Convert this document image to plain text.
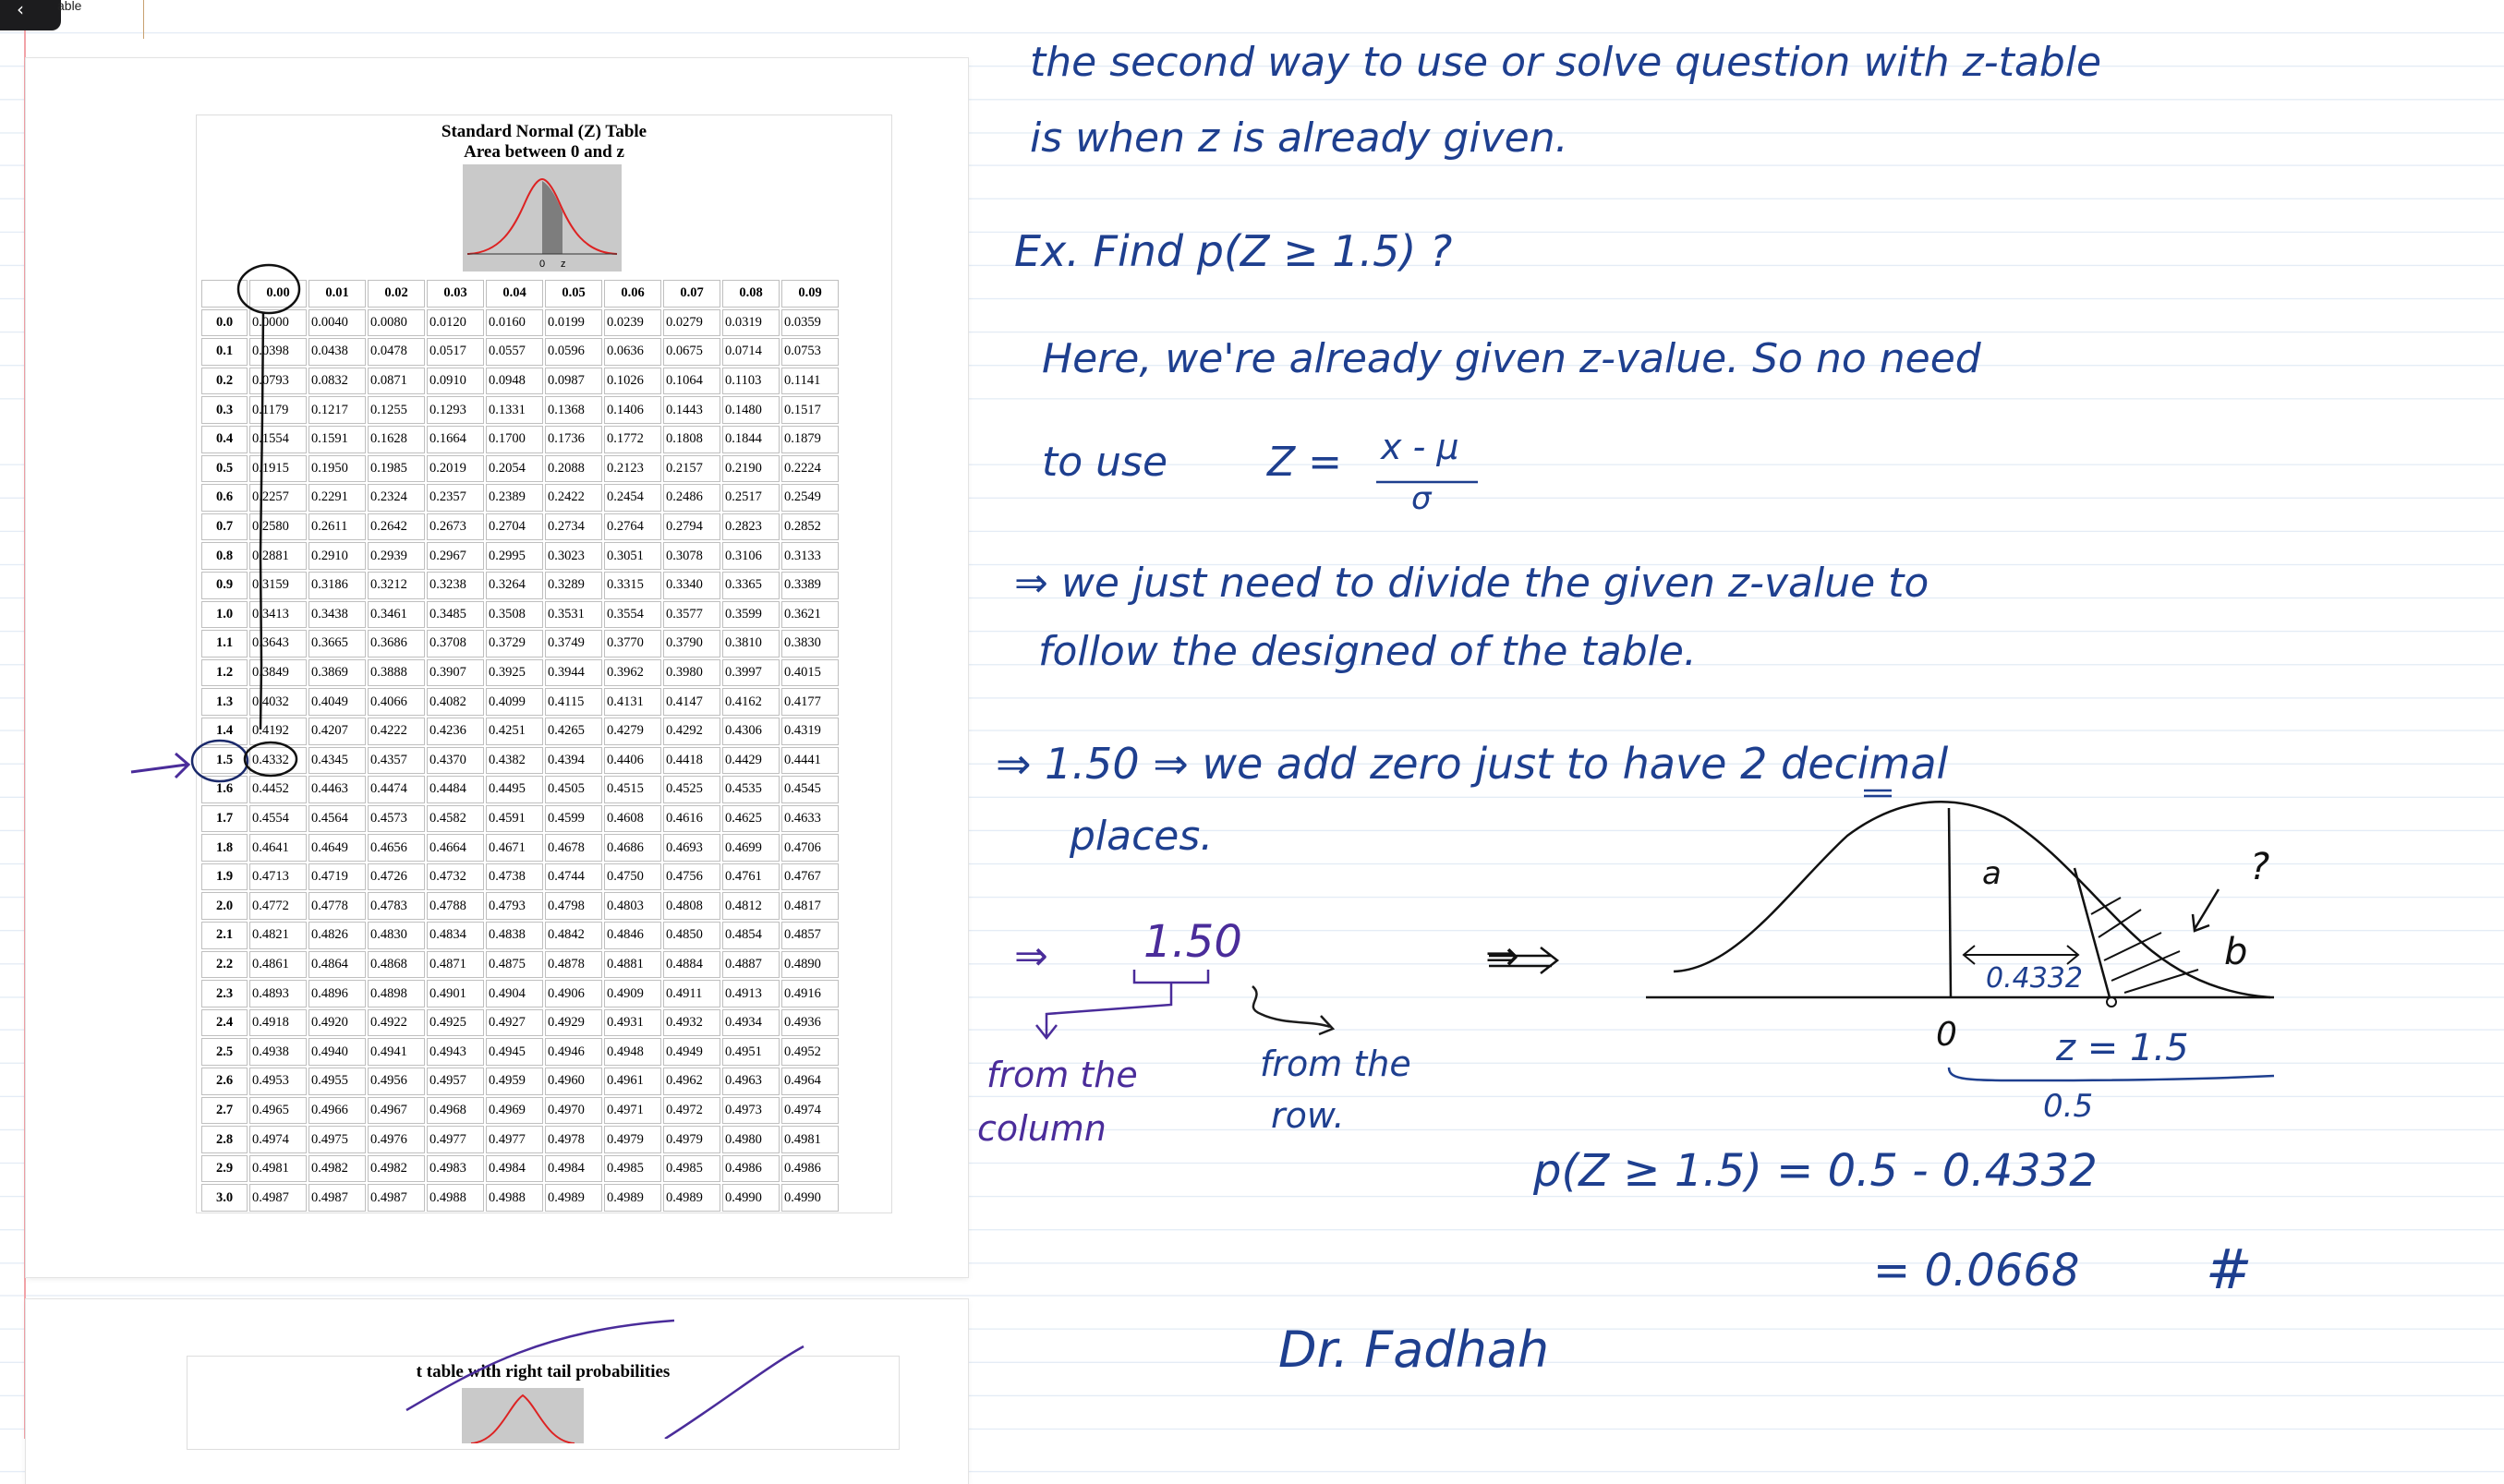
‹	able
Standard Normal (Z) Table
Area between 0 and z
0 z
	0.00	0.01	0.02	0.03	0.04	0.05	0.06	0.07	0.08	0.09
0.0	0.0000	0.0040	0.0080	0.0120	0.0160	0.0199	0.0239	0.0279	0.0319	0.0359
0.1	0.0398	0.0438	0.0478	0.0517	0.0557	0.0596	0.0636	0.0675	0.0714	0.0753
0.2	0.0793	0.0832	0.0871	0.0910	0.0948	0.0987	0.1026	0.1064	0.1103	0.1141
0.3	0.1179	0.1217	0.1255	0.1293	0.1331	0.1368	0.1406	0.1443	0.1480	0.1517
0.4	0.1554	0.1591	0.1628	0.1664	0.1700	0.1736	0.1772	0.1808	0.1844	0.1879
0.5	0.1915	0.1950	0.1985	0.2019	0.2054	0.2088	0.2123	0.2157	0.2190	0.2224
0.6	0.2257	0.2291	0.2324	0.2357	0.2389	0.2422	0.2454	0.2486	0.2517	0.2549
0.7	0.2580	0.2611	0.2642	0.2673	0.2704	0.2734	0.2764	0.2794	0.2823	0.2852
0.8	0.2881	0.2910	0.2939	0.2967	0.2995	0.3023	0.3051	0.3078	0.3106	0.3133
0.9	0.3159	0.3186	0.3212	0.3238	0.3264	0.3289	0.3315	0.3340	0.3365	0.3389
1.0	0.3413	0.3438	0.3461	0.3485	0.3508	0.3531	0.3554	0.3577	0.3599	0.3621
1.1	0.3643	0.3665	0.3686	0.3708	0.3729	0.3749	0.3770	0.3790	0.3810	0.3830
1.2	0.3849	0.3869	0.3888	0.3907	0.3925	0.3944	0.3962	0.3980	0.3997	0.4015
1.3	0.4032	0.4049	0.4066	0.4082	0.4099	0.4115	0.4131	0.4147	0.4162	0.4177
1.4	0.4192	0.4207	0.4222	0.4236	0.4251	0.4265	0.4279	0.4292	0.4306	0.4319
1.5	0.4332	0.4345	0.4357	0.4370	0.4382	0.4394	0.4406	0.4418	0.4429	0.4441
1.6	0.4452	0.4463	0.4474	0.4484	0.4495	0.4505	0.4515	0.4525	0.4535	0.4545
1.7	0.4554	0.4564	0.4573	0.4582	0.4591	0.4599	0.4608	0.4616	0.4625	0.4633
1.8	0.4641	0.4649	0.4656	0.4664	0.4671	0.4678	0.4686	0.4693	0.4699	0.4706
1.9	0.4713	0.4719	0.4726	0.4732	0.4738	0.4744	0.4750	0.4756	0.4761	0.4767
2.0	0.4772	0.4778	0.4783	0.4788	0.4793	0.4798	0.4803	0.4808	0.4812	0.4817
2.1	0.4821	0.4826	0.4830	0.4834	0.4838	0.4842	0.4846	0.4850	0.4854	0.4857
2.2	0.4861	0.4864	0.4868	0.4871	0.4875	0.4878	0.4881	0.4884	0.4887	0.4890
2.3	0.4893	0.4896	0.4898	0.4901	0.4904	0.4906	0.4909	0.4911	0.4913	0.4916
2.4	0.4918	0.4920	0.4922	0.4925	0.4927	0.4929	0.4931	0.4932	0.4934	0.4936
2.5	0.4938	0.4940	0.4941	0.4943	0.4945	0.4946	0.4948	0.4949	0.4951	0.4952
2.6	0.4953	0.4955	0.4956	0.4957	0.4959	0.4960	0.4961	0.4962	0.4963	0.4964
2.7	0.4965	0.4966	0.4967	0.4968	0.4969	0.4970	0.4971	0.4972	0.4973	0.4974
2.8	0.4974	0.4975	0.4976	0.4977	0.4977	0.4978	0.4979	0.4979	0.4980	0.4981
2.9	0.4981	0.4982	0.4982	0.4983	0.4984	0.4984	0.4985	0.4985	0.4986	0.4986
3.0	0.4987	0.4987	0.4987	0.4988	0.4988	0.4989	0.4989	0.4989	0.4990	0.4990
t table with right tail probabilities
the second way to use or solve question with z-table
is when z is already given.
Ex. Find p(Z ≥ 1.5) ?
Here, we're already given z-value. So no need
to use Z = x - μ
σ
⇒ we just need to divide the given z-value to
follow the designed of the table.
⇒ 1.50 ⇒ we add zero just to have 2 decimal
places.
⇒ 1.50
from the
column
from the
row.
⇒
a
b
?
0.4332
0	z = 1.5
0.5
p(Z ≥ 1.5) = 0.5 - 0.4332
= 0.0668 #
Dr. Fadhah
